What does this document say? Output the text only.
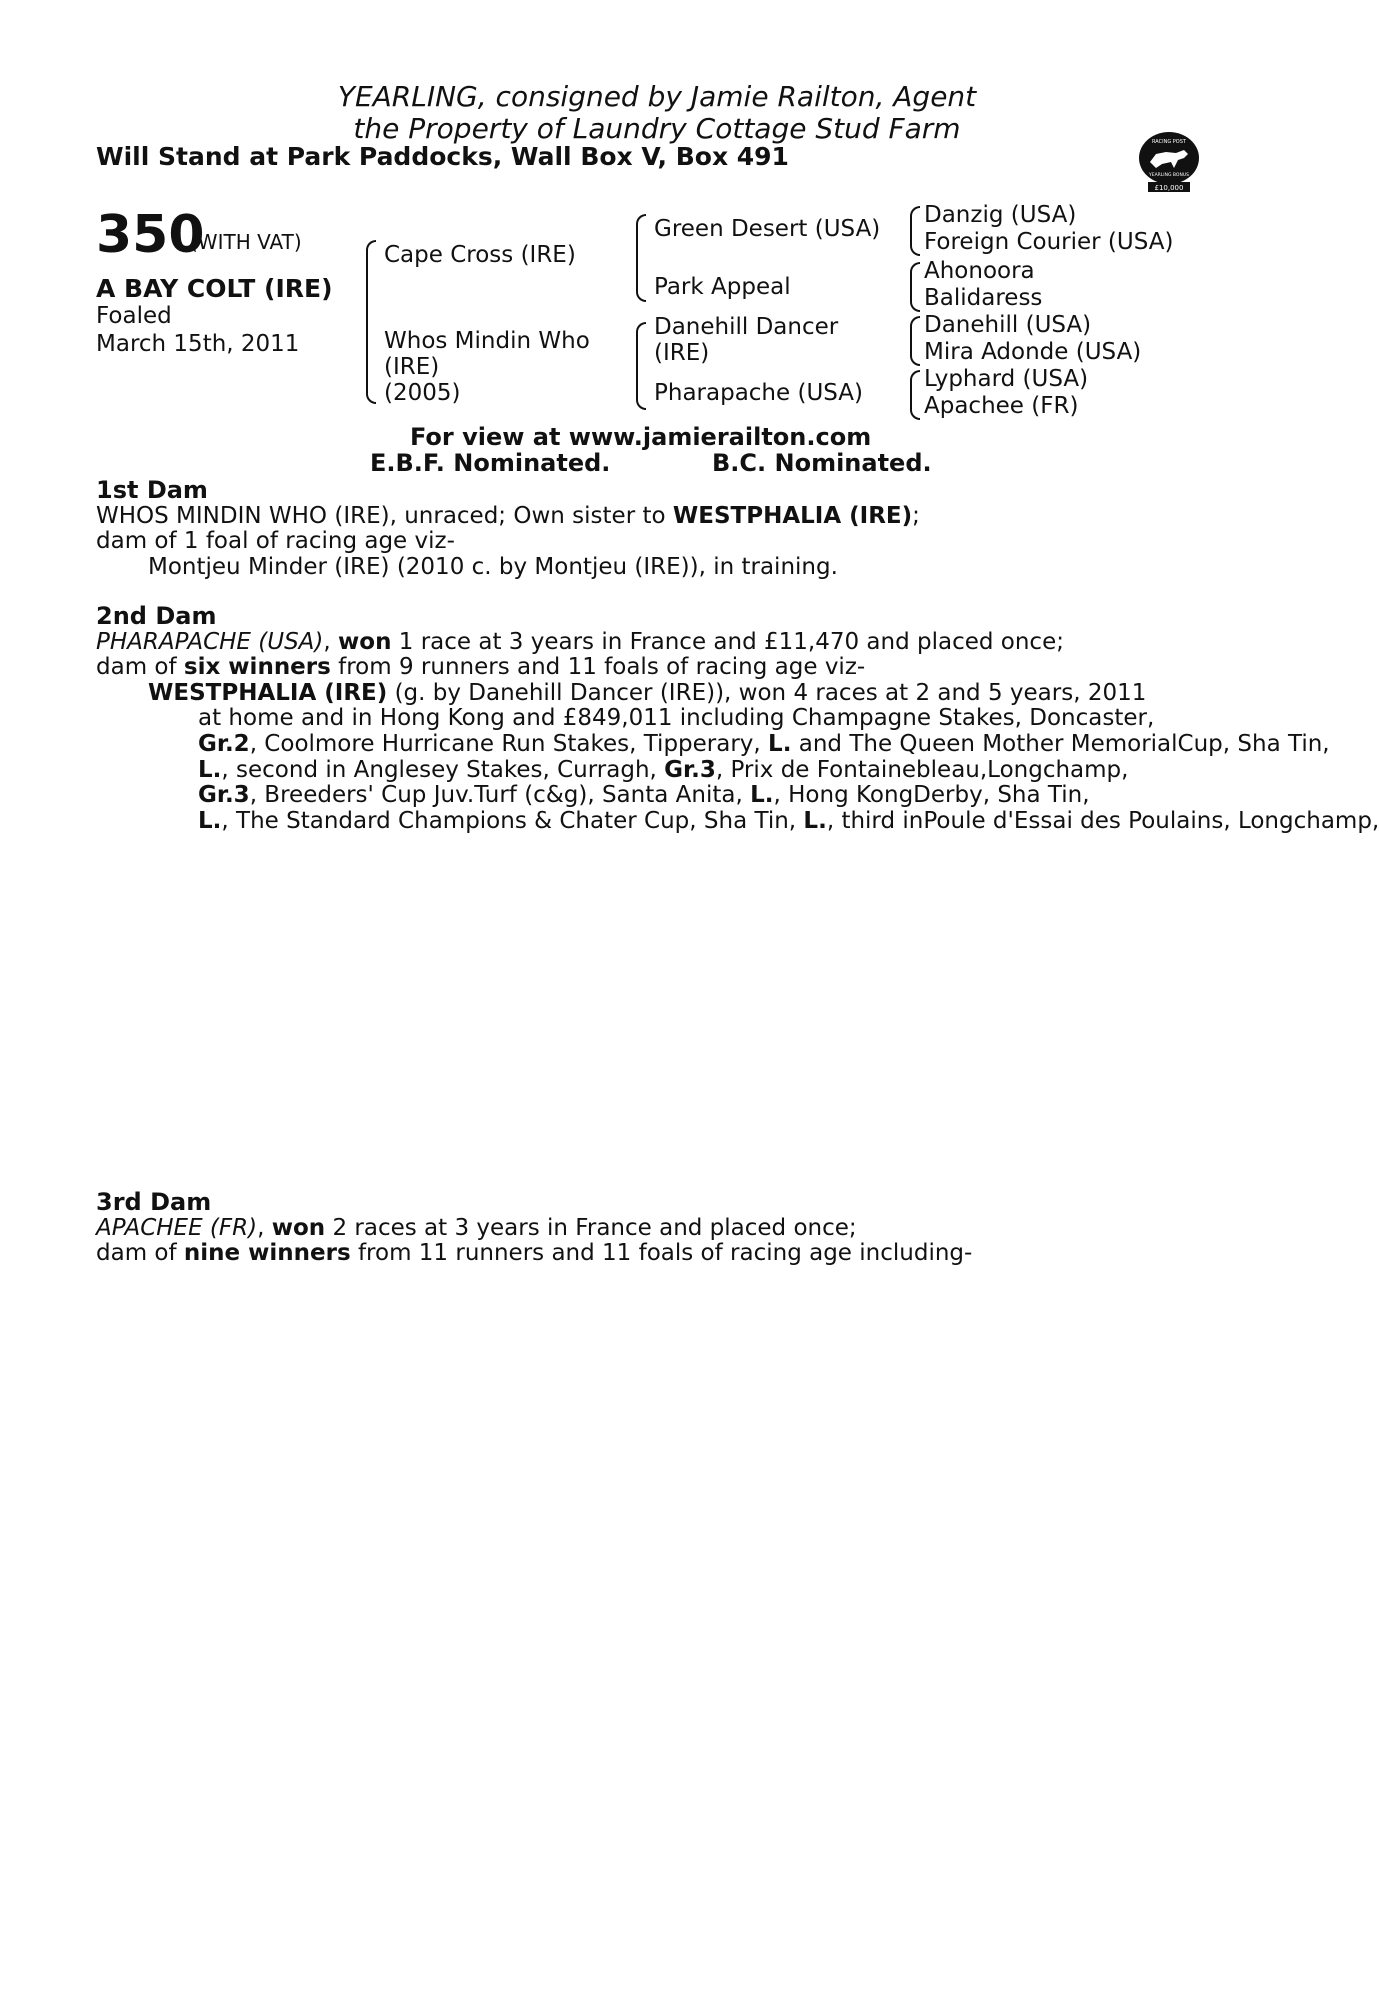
YEARLING, consigned by Jamie Railton, Agent
the Property of Laundry Cottage Stud Farm
Will Stand at Park Paddocks, Wall Box V, Box 491	RACING POST
YEARLING BONUS
£10,000
350
(WITH VAT)
A BAY COLT (IRE)
Foaled
March 15th, 2011
Cape Cross (IRE)
Whos Mindin Who
(IRE)
(2005)
Green Desert (USA)
Park Appeal
Danehill Dancer
(IRE)
Pharapache (USA)
Danzig (USA)
Foreign Courier (USA)
Ahonoora
Balidaress
Danehill (USA)
Mira Adonde (USA)
Lyphard (USA)
Apachee (FR)
For view at www.jamierailton.com
E.B.F. Nominated.	B.C. Nominated.
1st Dam
WHOS MINDIN WHO (IRE), unraced; Own sister to WESTPHALIA (IRE);
dam of 1 foal of racing age viz-
Montjeu Minder (IRE) (2010 c. by Montjeu (IRE)), in training.
2nd Dam
PHARAPACHE (USA), won 1 race at 3 years in France and £11,470 and placed once;
dam of six winners from 9 runners and 11 foals of racing age viz-
WESTPHALIA (IRE) (g. by Danehill Dancer (IRE)), won 4 races at 2 and 5 years, 2011
at home and in Hong Kong and £849,011 including Champagne Stakes, Doncaster,
Gr.2, Coolmore Hurricane Run Stakes, Tipperary, L. and The Queen Mother MemorialCup, Sha Tin,
L., second in Anglesey Stakes, Curragh, Gr.3, Prix de Fontainebleau,Longchamp,
Gr.3, Breeders' Cup Juv.Turf (c&g), Santa Anita, L., Hong KongDerby, Sha Tin,
L., The Standard Champions & Chater Cup, Sha Tin, L., third inPoule d'Essai des Poulains, Longchamp,
3rd Dam
APACHEE (FR), won 2 races at 3 years in France and placed once;
dam of nine winners from 11 runners and 11 foals of racing age including-
